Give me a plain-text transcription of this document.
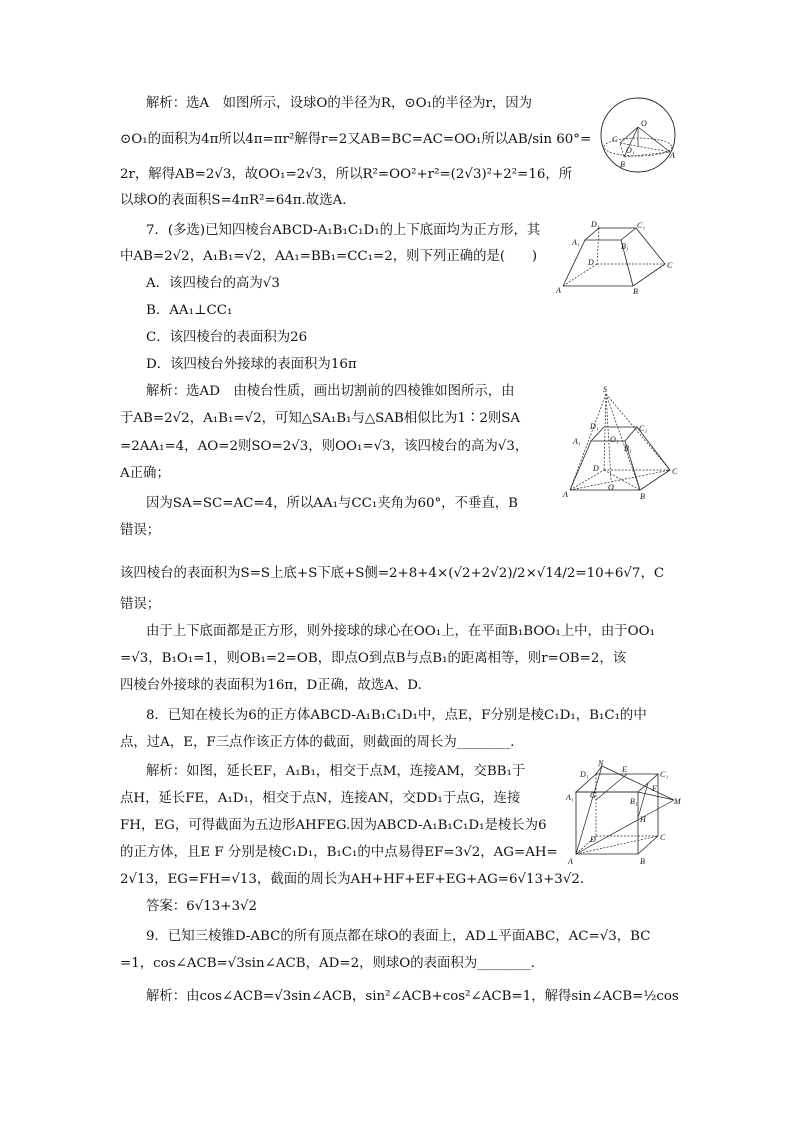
解析：选A　如图所示，设球O的半径为R，⊙O₁的半径为r，因为
⊙O₁的面积为4π所以4π=πr²解得r=2又AB=BC=AC=OO₁所以AB/sin 60°=
2r，解得AB=2√3，故OO₁=2√3，所以R²=OO²+r²=(2√3)²+2²=16，所
以球O的表面积S=4πR²=64π.故选A.
7．(多选)已知四棱台ABCD-A₁B₁C₁D₁的上下底面均为正方形，其
中AB=2√2，A₁B₁=√2，AA₁=BB₁=CC₁=2，则下列正确的是(　　)
A．该四棱台的高为√3
B．AA₁⊥CC₁
C．该四棱台的表面积为26
D．该四棱台外接球的表面积为16π
解析：选AD　由棱台性质，画出切割前的四棱锥如图所示，由
于AB=2√2，A₁B₁=√2，可知△SA₁B₁与△SAB相似比为1∶2则SA
=2AA₁=4，AO=2则SO=2√3，则OO₁=√3，该四棱台的高为√3，
A正确；
因为SA=SC=AC=4，所以AA₁与CC₁夹角为60°，不垂直，B
错误；
该四棱台的表面积为S=S上底+S下底+S侧=2+8+4×(√2+2√2)/2×√14/2=10+6√7，C
错误；
由于上下底面都是正方形，则外接球的球心在OO₁上，在平面B₁BOO₁上中，由于OO₁
=√3，B₁O₁=1，则OB₁=2=OB，即点O到点B与点B₁的距离相等，则r=OB=2，该
四棱台外接球的表面积为16π，D正确，故选A、D.
8．已知在棱长为6的正方体ABCD-A₁B₁C₁D₁中，点E，F分别是棱C₁D₁，B₁C₁的中
点，过A，E，F三点作该正方体的截面，则截面的周长为________．
解析：如图，延长EF，A₁B₁，相交于点M，连接AM，交BB₁于
点H，延长FE，A₁D₁，相交于点N，连接AN，交DD₁于点G，连接
FH，EG，可得截面为五边形AHFEG.因为ABCD-A₁B₁C₁D₁是棱长为6
的正方体，且E F 分别是棱C₁D₁，B₁C₁的中点易得EF=3√2，AG=AH=
2√13，EG=FH=√13，截面的周长为AH+HF+EF+EG+AG=6√13+3√2.
答案：6√13+3√2
9．已知三棱锥D-ABC的所有顶点都在球O的表面上，AD⊥平面ABC，AC=√3，BC
=1，cos∠ACB=√3sin∠ACB，AD=2，则球O的表面积为________．
解析：由cos∠ACB=√3sin∠ACB，sin²∠ACB+cos²∠ACB=1，解得sin∠ACB=½cos
O
C
O₁
A
B
D₁	C₁
A₁	B₁
D	C
A	B
S
D₁	C₁
A₁
B₁
O₁
D	C
A	B
O
N
D₁
E
C₁
A₁ G
F
B₁	M
H
D	C
A	B
